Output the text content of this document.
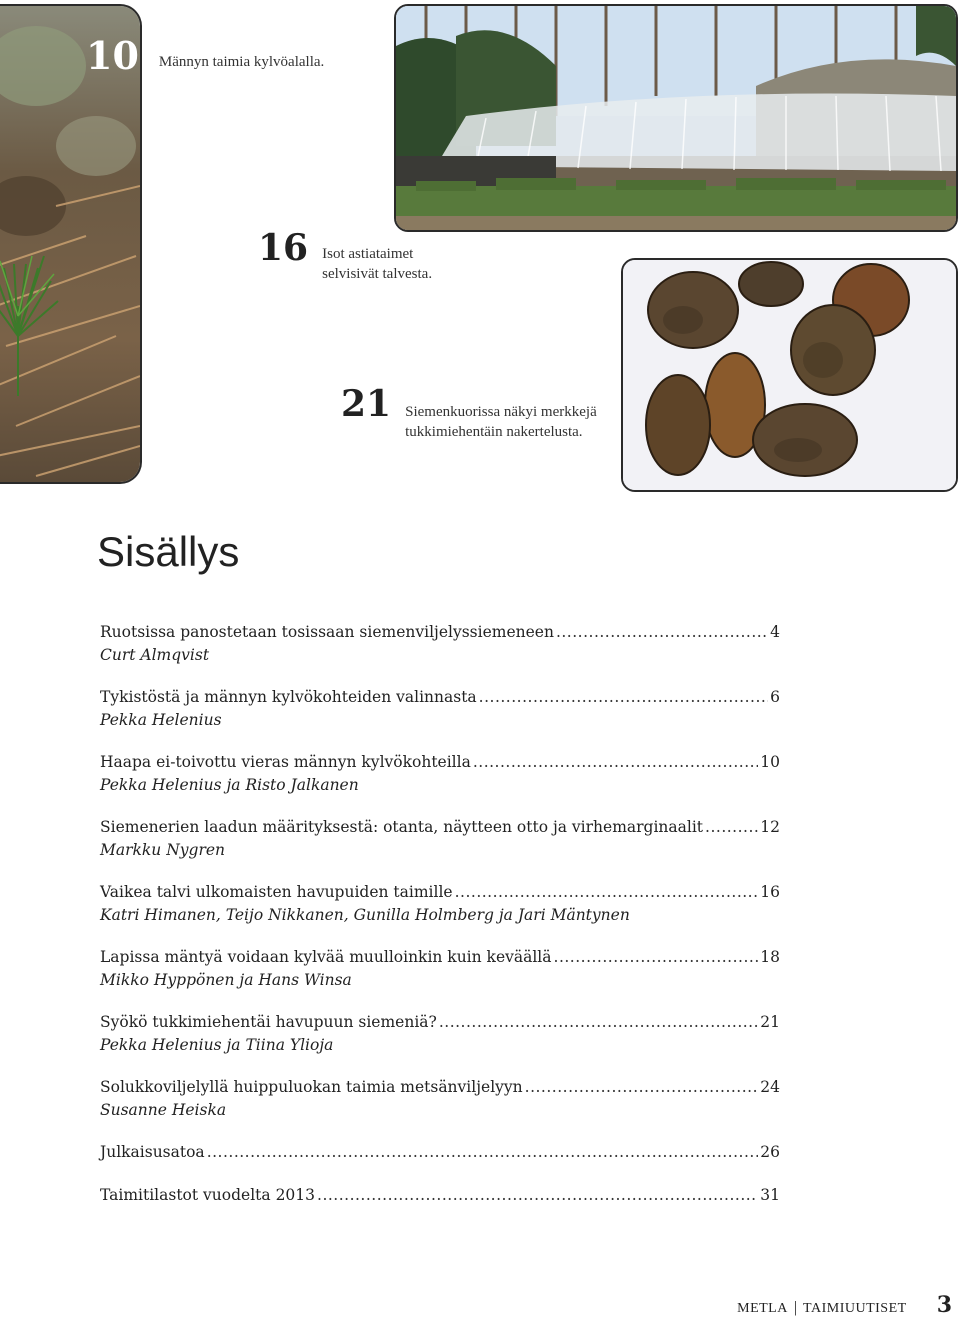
10 Männyn taimia kylvöalalla.
16 Isot astiataimet selvisivät talvesta.
21 Siemenkuorissa näkyi merkkejä tukkimiehentäin nakertelusta.
Sisällys
Ruotsissa panostetaan tosissaan siemenviljelyssiemeneen .....	4
Curt Almqvist
Tykistöstä ja männyn kylvökohteiden valinnasta .....	6
Pekka Helenius
Haapa ei-toivottu vieras männyn kylvökohteilla .....	10
Pekka Helenius ja Risto Jalkanen
Siemenerien laadun määrityksestä: otanta, näytteen otto ja virhemarginaalit .....	12
Markku Nygren
Vaikea talvi ulkomaisten havupuiden taimille .....	16
Katri Himanen, Teijo Nikkanen, Gunilla Holmberg ja Jari Mäntynen
Lapissa mäntyä voidaan kylvää muulloinkin kuin keväällä .....	18
Mikko Hyppönen ja Hans Winsa
Syökö tukkimiehentäi havupuun siemeniä? .....	21
Pekka Helenius ja Tiina Ylioja
Solukkoviljelyllä huippuluokan taimia metsänviljelyyn .....	24
Susanne Heiska
Julkaisusatoa .....	26
Taimitilastot vuodelta 2013 .....	31
METLA | TAIMIUUTISET 3
